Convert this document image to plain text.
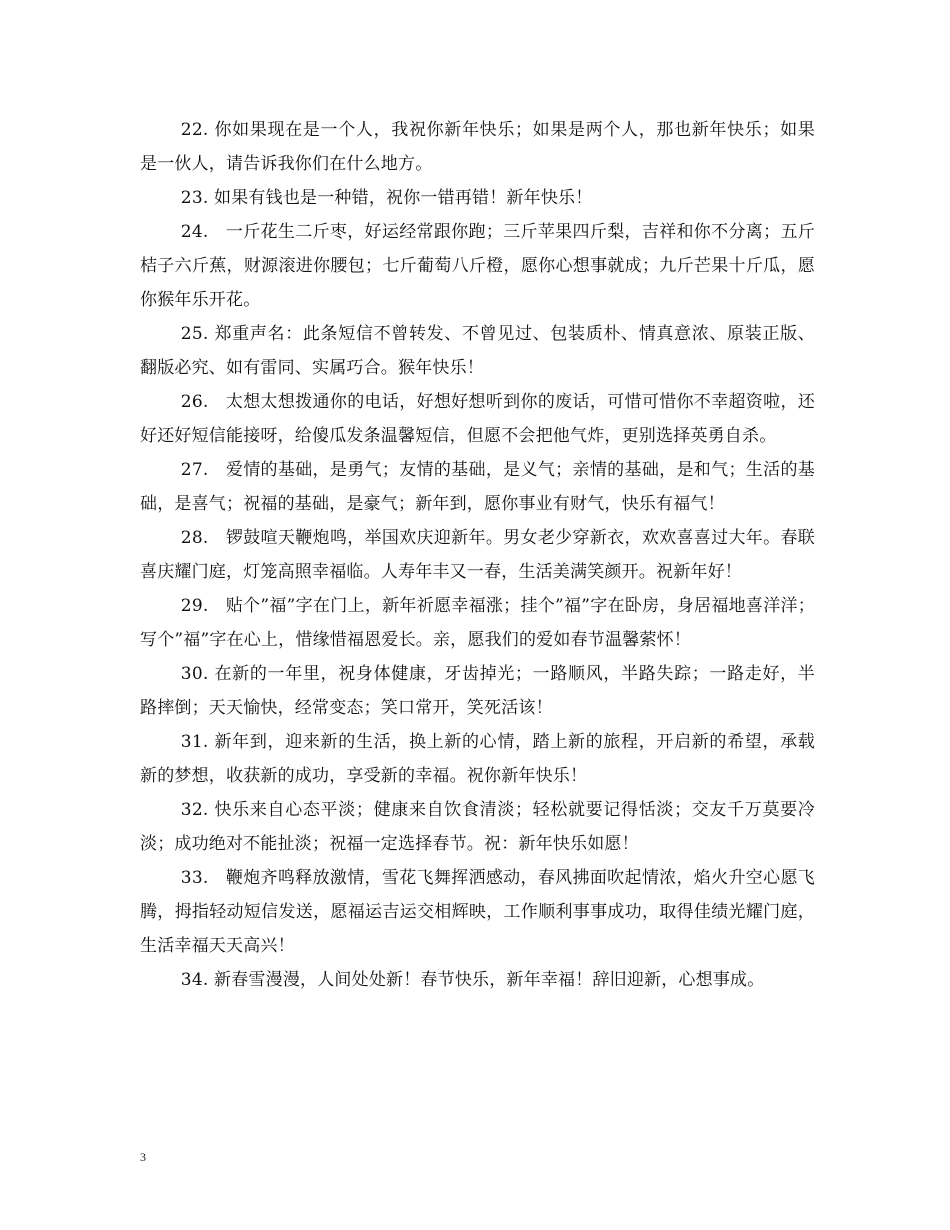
22. 你如果现在是一个人，我祝你新年快乐；如果是两个人，那也新年快乐；如果是一伙人，请告诉我你们在什么地方。

23. 如果有钱也是一种错，祝你一错再错！新年快乐！

24.　一斤花生二斤枣，好运经常跟你跑；三斤苹果四斤梨，吉祥和你不分离；五斤桔子六斤蕉，财源滚进你腰包；七斤葡萄八斤橙，愿你心想事就成；九斤芒果十斤瓜，愿你猴年乐开花。

25. 郑重声名：此条短信不曾转发、不曾见过、包装质朴、情真意浓、原装正版、翻版必究、如有雷同、实属巧合。猴年快乐！

26.　太想太想拨通你的电话，好想好想听到你的废话，可惜可惜你不幸超资啦，还好还好短信能接呀，给傻瓜发条温馨短信，但愿不会把他气炸，更别选择英勇自杀。

27.　爱情的基础，是勇气；友情的基础，是义气；亲情的基础，是和气；生活的基础，是喜气；祝福的基础，是豪气；新年到，愿你事业有财气，快乐有福气！

28.　锣鼓喧天鞭炮鸣，举国欢庆迎新年。男女老少穿新衣，欢欢喜喜过大年。春联喜庆耀门庭，灯笼高照幸福临。人寿年丰又一春，生活美满笑颜开。祝新年好！

29.　贴个”福”字在门上，新年祈愿幸福涨；挂个”福”字在卧房，身居福地喜洋洋；写个”福”字在心上，惜缘惜福恩爱长。亲，愿我们的爱如春节温馨萦怀！

30. 在新的一年里，祝身体健康，牙齿掉光；一路顺风，半路失踪；一路走好，半路摔倒；天天愉快，经常变态；笑口常开，笑死活该！

31. 新年到，迎来新的生活，换上新的心情，踏上新的旅程，开启新的希望，承载新的梦想，收获新的成功，享受新的幸福。祝你新年快乐！

32. 快乐来自心态平淡；健康来自饮食清淡；轻松就要记得恬淡；交友千万莫要冷淡；成功绝对不能扯淡；祝福一定选择春节。祝：新年快乐如愿！

33.　鞭炮齐鸣释放激情，雪花飞舞挥洒感动，春风拂面吹起情浓，焰火升空心愿飞腾，拇指轻动短信发送，愿福运吉运交相辉映，工作顺利事事成功，取得佳绩光耀门庭，生活幸福天天高兴！

34. 新春雪漫漫，人间处处新！春节快乐，新年幸福！辞旧迎新，心想事成。

3
